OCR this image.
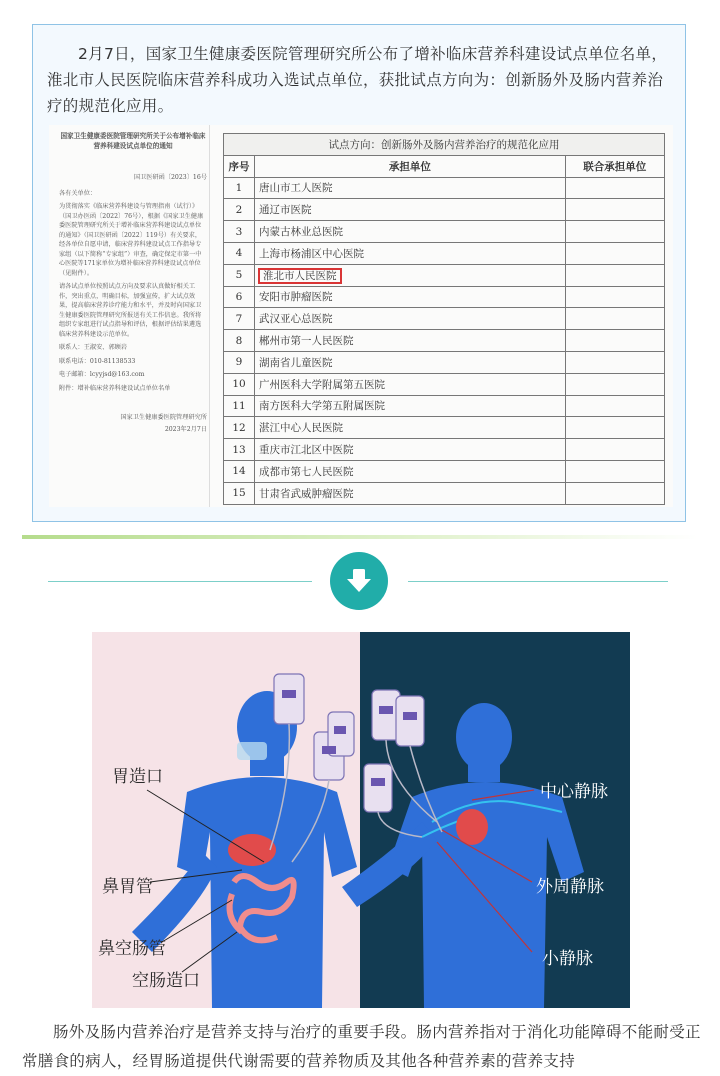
2月7日，国家卫生健康委医院管理研究所公布了增补临床营养科建设试点单位名单，淮北市人民医院临床营养科成功入选试点单位，获批试点方向为：创新肠外及肠内营养治疗的规范化应用。

国家卫生健康委医院管理研究所关于公布增补临床营养科建设试点单位的通知
国卫医研函〔2023〕16号

各有关单位：

为贯彻落实《临床营养科建设与管理指南（试行）》（国卫办医函〔2022〕76号），根据《国家卫生健康委医院管理研究所关于增补临床营养科建设试点单位的通知》（国卫医研函〔2022〕119号）有关要求，经各单位自愿申请，临床营养科建设试点工作指导专家组（以下简称“专家组”）审查，确定保定市第一中心医院等171家单位为增补临床营养科建设试点单位（见附件）。

请各试点单位按照试点方向及要求认真做好相关工作，突出重点，明确目标，加强宣传，扩大试点效果，提高临床营养诊疗能力和水平，并及时向国家卫生健康委医院管理研究所报送有关工作信息。我所将组织专家组进行试点指导和评估，根据评估结果遴选临床营养科建设示范单位。

联系人：王淑安、郭顾岩

联系电话：010-81138533

电子邮箱：lcyyjsd@163.com

附件：增补临床营养科建设试点单位名单

国家卫生健康委医院管理研究所
2023年2月7日
试点方向：创新肠外及肠内营养治疗的规范化应用		
序号	承担单位	联合承担单位
1	唐山市工人医院	
2	通辽市医院	
3	内蒙古林业总医院	
4	上海市杨浦区中心医院	
5	淮北市人民医院	
6	安阳市肿瘤医院	
7	武汉亚心总医院	
8	郴州市第一人民医院	
9	湖南省儿童医院	
10	广州医科大学附属第五医院	
11	南方医科大学第五附属医院	
12	湛江中心人民医院	
13	重庆市江北区中医院	
14	成都市第七人民医院	
15	甘肃省武威肿瘤医院	
胃造口
鼻胃管
鼻空肠管
空肠造口
中心静脉
外周静脉
小静脉

肠外及肠内营养治疗是营养支持与治疗的重要手段。肠内营养指对于消化功能障碍不能耐受正常膳食的病人，经胃肠道提供代谢需要的营养物质及其他各种营养素的营养支持
